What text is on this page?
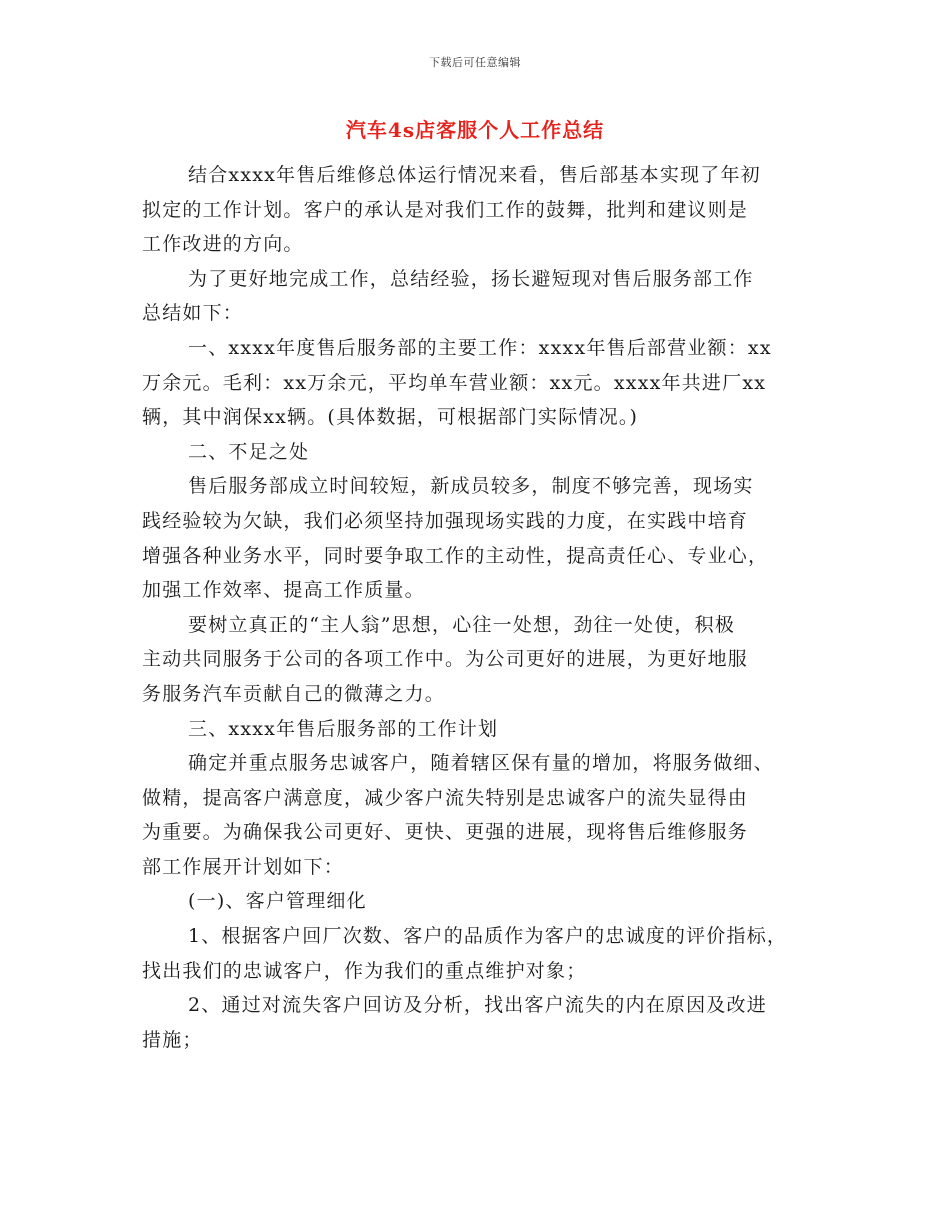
下载后可任意编辑
汽车4s店客服个人工作总结

结合xxxx年售后维修总体运行情况来看，售后部基本实现了年初
拟定的工作计划。客户的承认是对我们工作的鼓舞，批判和建议则是
工作改进的方向。

为了更好地完成工作，总结经验，扬长避短现对售后服务部工作
总结如下：

一、xxxx年度售后服务部的主要工作：xxxx年售后部营业额：xx
万余元。毛利：xx万余元，平均单车营业额：xx元。xxxx年共进厂xx
辆，其中润保xx辆。(具体数据，可根据部门实际情况。)

二、不足之处

售后服务部成立时间较短，新成员较多，制度不够完善，现场实
践经验较为欠缺，我们必须坚持加强现场实践的力度，在实践中培育
增强各种业务水平，同时要争取工作的主动性，提高责任心、专业心，
加强工作效率、提高工作质量。

要树立真正的“主人翁”思想，心往一处想，劲往一处使，积极
主动共同服务于公司的各项工作中。为公司更好的进展，为更好地服
务服务汽车贡献自己的微薄之力。

三、xxxx年售后服务部的工作计划

确定并重点服务忠诚客户，随着辖区保有量的增加，将服务做细、
做精，提高客户满意度，减少客户流失特别是忠诚客户的流失显得由
为重要。为确保我公司更好、更快、更强的进展，现将售后维修服务
部工作展开计划如下：

(一)、客户管理细化

1、根据客户回厂次数、客户的品质作为客户的忠诚度的评价指标，
找出我们的忠诚客户，作为我们的重点维护对象；

2、通过对流失客户回访及分析，找出客户流失的内在原因及改进
措施；
